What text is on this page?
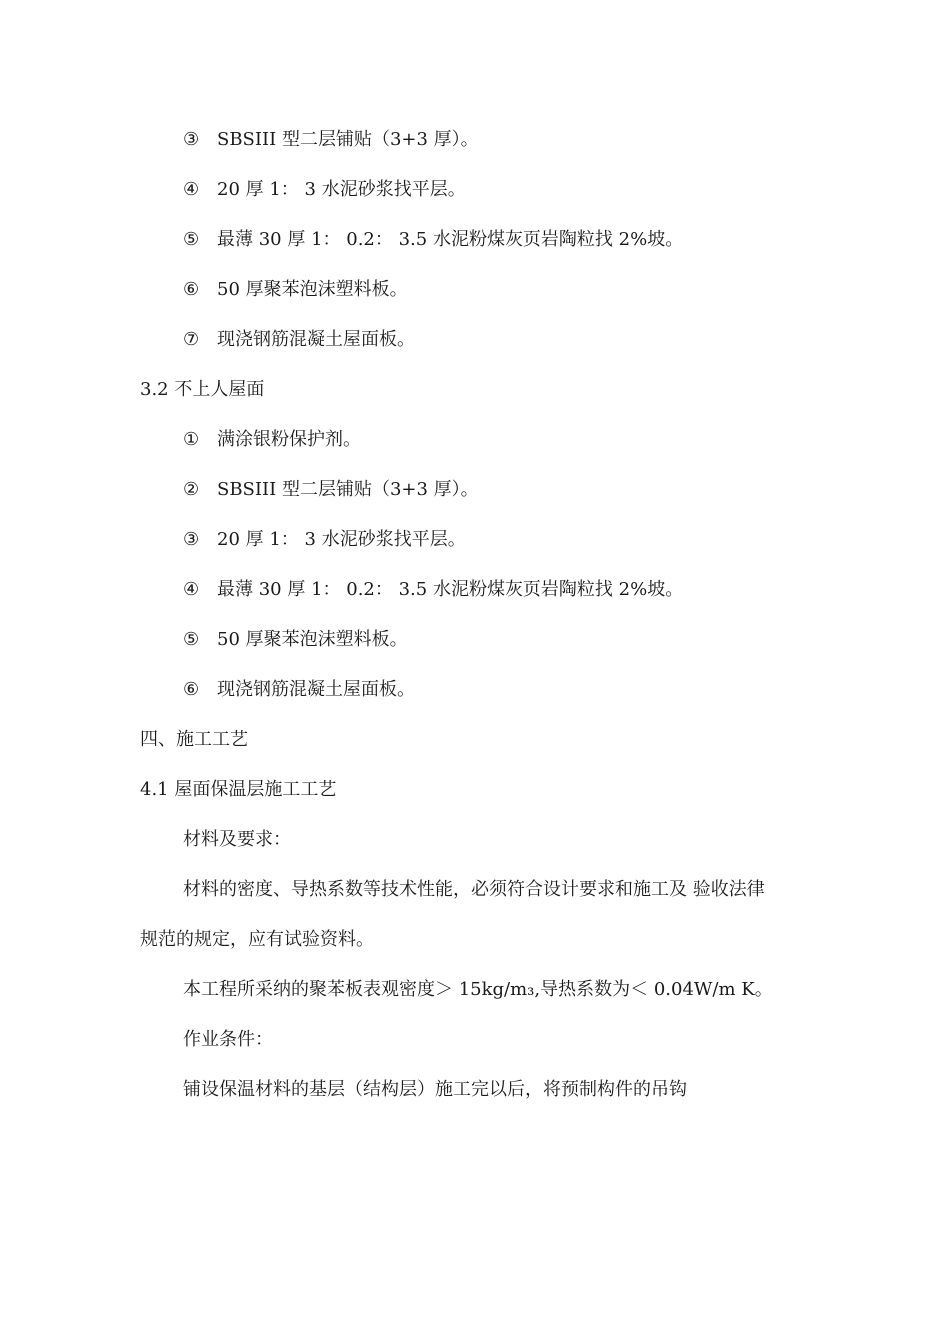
③ SBSIII 型二层铺贴（3+3 厚）。
④ 20 厚 1： 3 水泥砂浆找平层。
⑤ 最薄 30 厚 1： 0.2： 3.5 水泥粉煤灰页岩陶粒找 2%坡。
⑥ 50 厚聚苯泡沫塑料板。
⑦ 现浇钢筋混凝土屋面板。
3.2 不上人屋面
① 满涂银粉保护剂。
② SBSIII 型二层铺贴（3+3 厚）。
③ 20 厚 1： 3 水泥砂浆找平层。
④ 最薄 30 厚 1： 0.2： 3.5 水泥粉煤灰页岩陶粒找 2%坡。
⑤ 50 厚聚苯泡沫塑料板。
⑥ 现浇钢筋混凝土屋面板。
四、施工工艺
4.1 屋面保温层施工工艺
材料及要求：
材料的密度、导热系数等技术性能，必须符合设计要求和施工及 验收法律
规范的规定，应有试验资料。
本工程所采纳的聚苯板表观密度＞ 15kg/m₃,导热系数为＜ 0.04W/m K。
作业条件：
铺设保温材料的基层（结构层）施工完以后，将预制构件的吊钩
